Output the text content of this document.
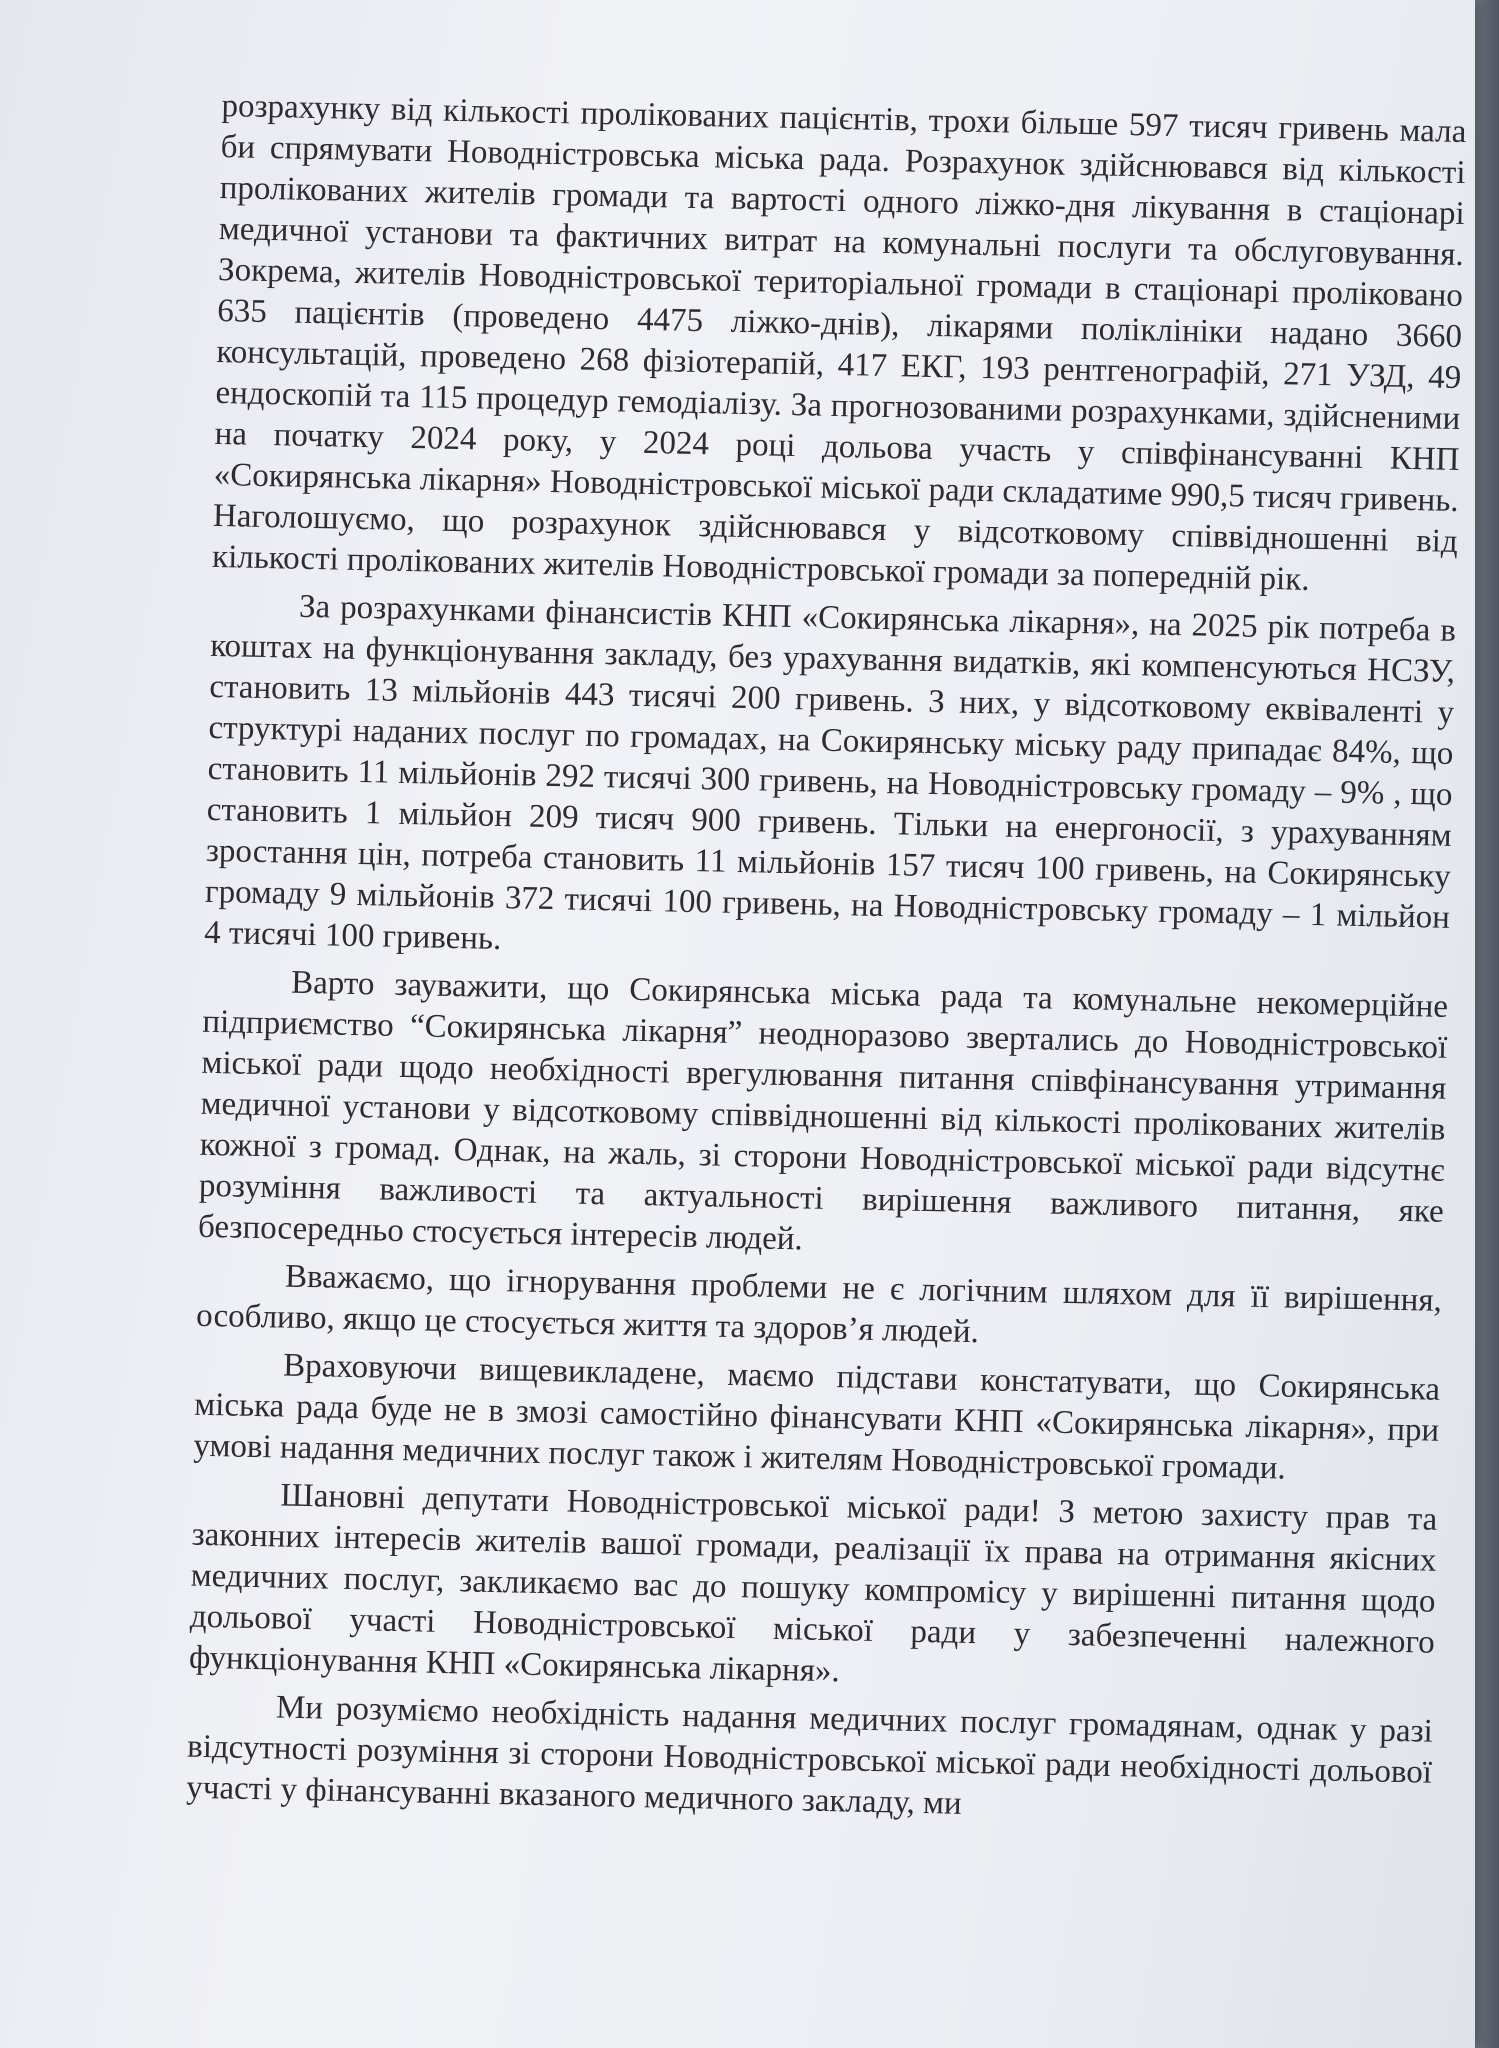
розрахунку від кількості пролікованих пацієнтів, трохи більше 597 тисяч гривень мала би спрямувати Новодністровська міська рада. Розрахунок здійснювався від кількості пролікованих жителів громади та вартості одного ліжко-дня лікування в стаціонарі медичної установи та фактичних витрат на комунальні послуги та обслуговування. Зокрема, жителів Новодністровської територіальної громади в стаціонарі проліковано 635 пацієнтів (проведено 4475 ліжко-днів), лікарями поліклініки надано 3660 консультацій, проведено 268 фізіотерапій, 417 ЕКГ, 193 рентгенографій, 271 УЗД, 49 ендоскопій та 115 процедур гемодіалізу. За прогнозованими розрахунками, здійсненими на початку 2024 року, у 2024 році дольова участь у співфінансуванні КНП «Сокирянська лікарня» Новодністровської міської ради складатиме 990,5 тисяч гривень. Наголошуємо, що розрахунок здійснювався у відсотковому співвідношенні від кількості пролікованих жителів Новодністровської громади за попередній рік.

За розрахунками фінансистів КНП «Сокирянська лікарня», на 2025 рік потреба в коштах на функціонування закладу, без урахування видатків, які компенсуються НСЗУ, становить 13 мільйонів 443 тисячі 200 гривень. З них, у відсотковому еквіваленті у структурі наданих послуг по громадах, на Сокирянську міську раду припадає 84%, що становить 11 мільйонів 292 тисячі 300 гривень, на Новодністровську громаду – 9% , що становить 1 мільйон 209 тисяч 900 гривень. Тільки на енергоносії, з урахуванням зростання цін, потреба становить 11 мільйонів 157 тисяч 100 гривень, на Сокирянську громаду 9 мільйонів 372 тисячі 100 гривень, на Новодністровську громаду – 1 мільйон 4 тисячі 100 гривень.

Варто зауважити, що Сокирянська міська рада та комунальне некомерційне підприємство “Сокирянська лікарня” неодноразово звертались до Новодністровської міської ради щодо необхідності врегулювання питання співфінансування утримання медичної установи у відсотковому співвідношенні від кількості пролікованих жителів кожної з громад. Однак, на жаль, зі сторони Новодністровської міської ради відсутнє розуміння важливості та актуальності вирішення важливого питання, яке безпосередньо стосується інтересів людей.

Вважаємо, що ігнорування проблеми не є логічним шляхом для її вирішення, особливо, якщо це стосується життя та здоров’я людей.

Враховуючи вищевикладене, маємо підстави констатувати, що Сокирянська міська рада буде не в змозі самостійно фінансувати КНП «Сокирянська лікарня», при умові надання медичних послуг також і жителям Новодністровської громади.

Шановні депутати Новодністровської міської ради! З метою захисту прав та законних інтересів жителів вашої громади, реалізації їх права на отримання якісних медичних послуг, закликаємо вас до пошуку компромісу у вирішенні питання щодо дольової участі Новодністровської міської ради у забезпеченні належного функціонування КНП «Сокирянська лікарня».

Ми розуміємо необхідність надання медичних послуг громадянам, однак у разі відсутності розуміння зі сторони Новодністровської міської ради необхідності дольової участі у фінансуванні вказаного медичного закладу, ми
